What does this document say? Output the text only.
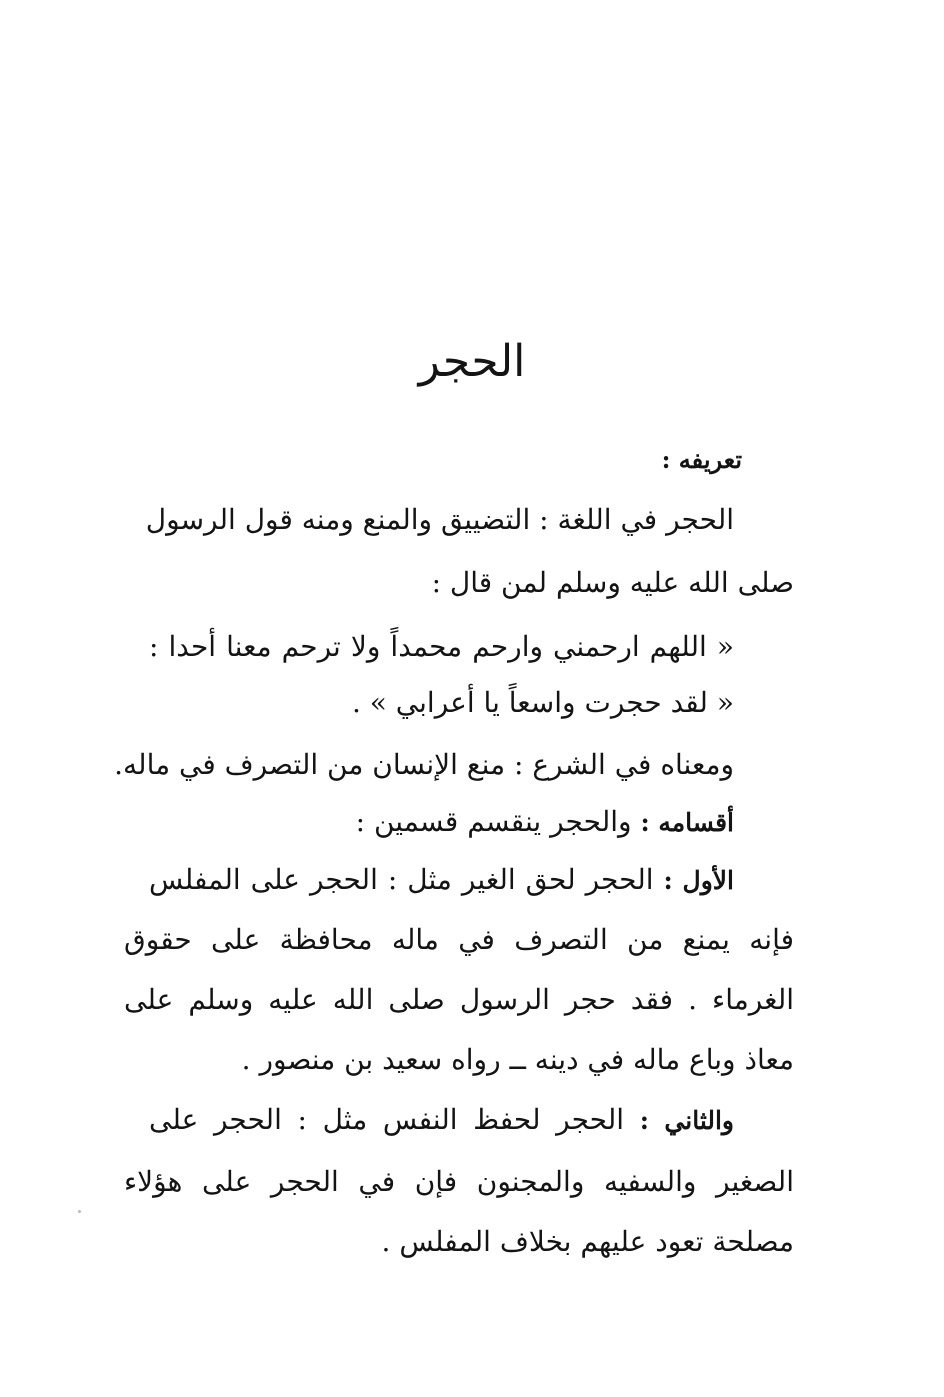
الحجر

تعريفه :

الحجر في اللغة : التضييق والمنع ومنه قول الرسول

صلى الله عليه وسلم لمن قال :

« اللهم ارحمني وارحم محمداً ولا ترحم معنا أحدا :

« لقد حجرت واسعاً يا أعرابي » .

ومعناه في الشرع : منع الإنسان من التصرف في ماله.

أقسامه : والحجر ينقسم قسمين :

الأول : الحجر لحق الغير مثل : الحجر على المفلس

فإنه يمنع من التصرف في ماله محافظة على حقوق

الغرماء . فقد حجر الرسول صلى الله عليه وسلم على

معاذ وباع ماله في دينه ــ رواه سعيد بن منصور .

والثاني : الحجر لحفظ النفس مثل : الحجر على

الصغير والسفيه والمجنون فإن في الحجر على هؤلاء

مصلحة تعود عليهم بخلاف المفلس .
